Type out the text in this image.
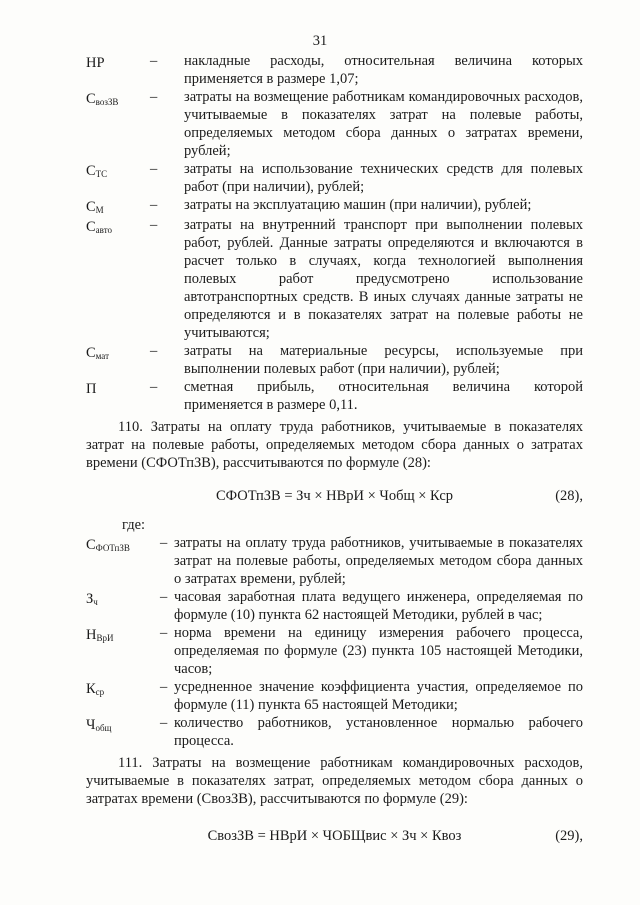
31
НР	–	накладные расходы, относительная величина которых применяется в размере 1,07;
$С_{возЗВ}$	–	затраты на возмещение работникам командировочных расходов, учитываемые в показателях затрат на полевые работы, определяемых методом сбора данных о затратах времени, рублей;
$С_{ТС}$	–	затраты на использование технических средств для полевых работ (при наличии), рублей;
$С_М$	–	затраты на эксплуатацию машин (при наличии), рублей;
$С_{авто}$	–	затраты на внутренний транспорт при выполнении полевых работ, рублей. Данные затраты определяются и включаются в расчет только в случаях, когда технологией выполнения полевых работ предусмотрено использование автотранспортных средств. В иных случаях данные затраты не определяются и в показателях затрат на полевые работы не учитываются;
$С_{мат}$	–	затраты на материальные ресурсы, используемые при выполнении полевых работ (при наличии), рублей;
П	–	сметная прибыль, относительная величина которой применяется в размере 0,11.

110. Затраты на оплату труда работников, учитываемые в показателях затрат на полевые работы, определяемых методом сбора данных о затратах времени (СФОТпЗВ), рассчитываются по формуле (28):

СФОТпЗВ = Зч × НВрИ × Чобщ × Кср	(28),
где:
$С_{ФОТпЗВ}$	– затраты на оплату труда работников, учитываемые в показателях затрат на полевые работы, определяемых методом сбора данных о затратах времени, рублей;
$З_ч$	– часовая заработная плата ведущего инженера, определяемая по формуле (10) пункта 62 настоящей Методики, рублей в час;
$Н_{ВрИ}$	– норма времени на единицу измерения рабочего процесса, определяемая по формуле (23) пункта 105 настоящей Методики, часов;
$К_{ср}$	– усредненное значение коэффициента участия, определяемое по формуле (11) пункта 65 настоящей Методики;
$Ч_{общ}$	– количество работников, установленное нормалью рабочего процесса.

111. Затраты на возмещение работникам командировочных расходов, учитываемые в показателях затрат, определяемых методом сбора данных о затратах времени (СвозЗВ), рассчитываются по формуле (29):

СвозЗВ = НВрИ × ЧОБЩвис × Зч × Квоз	(29),
